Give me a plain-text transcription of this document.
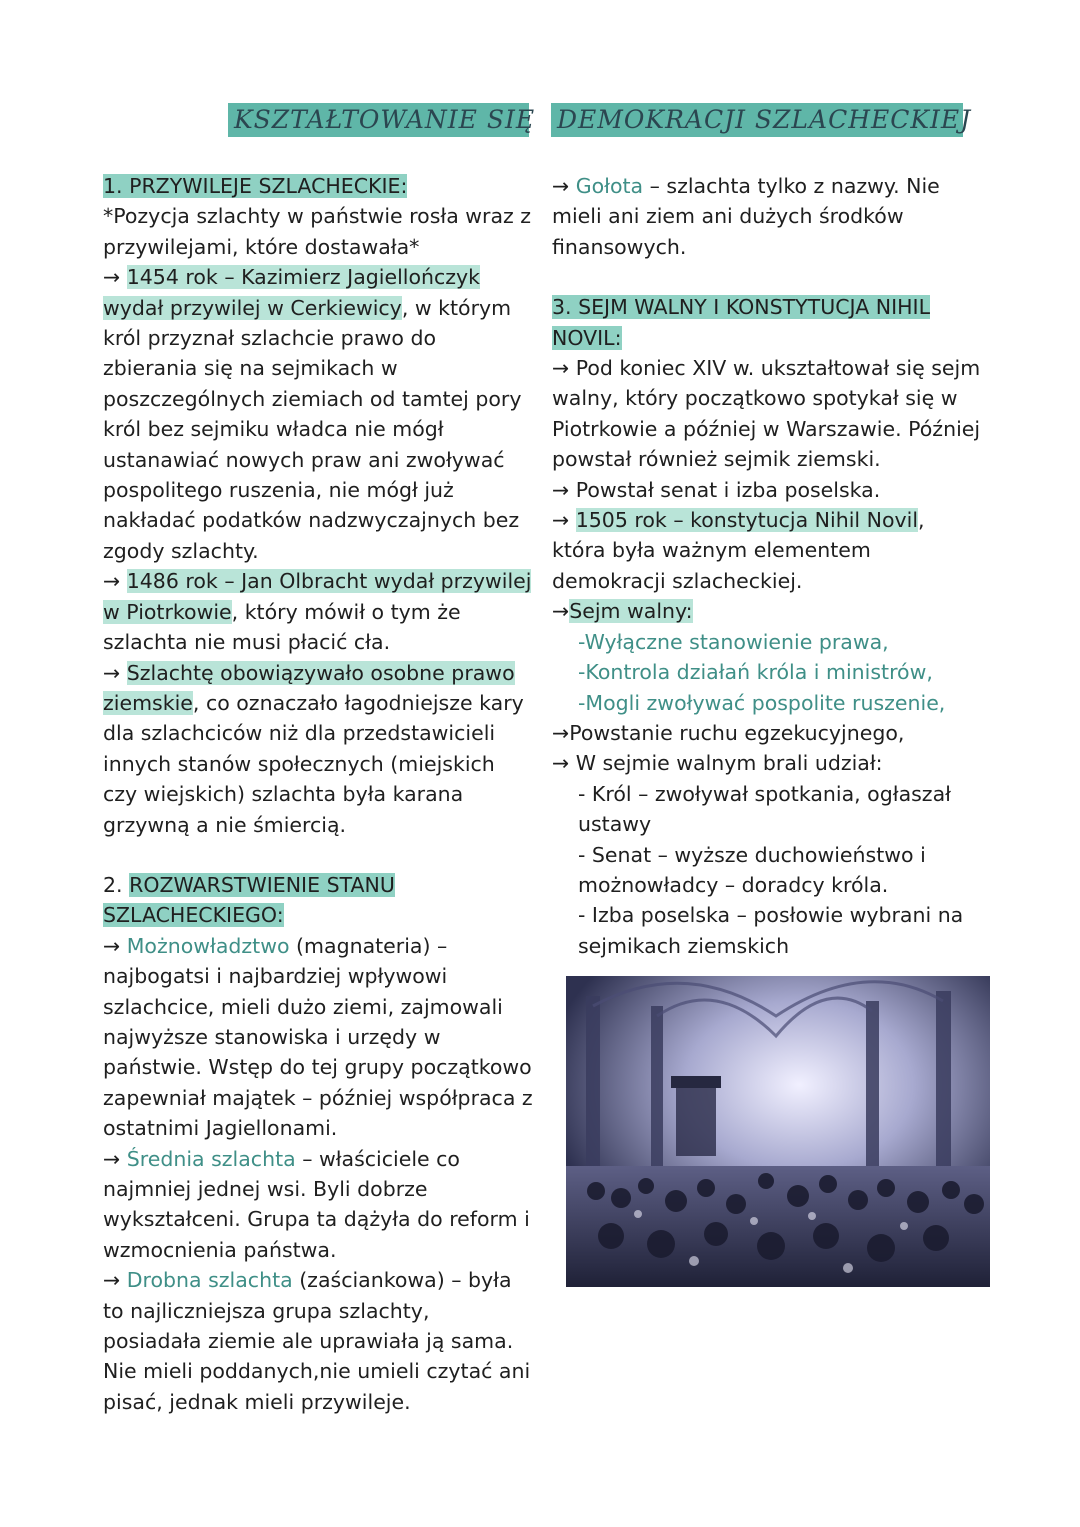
KSZTAŁTOWANIE SIĘ DEMOKRACJI SZLACHECKIEJ

1. PRZYWILEJE SZLACHECKIE:

*Pozycja szlachty w państwie rosła wraz z przywilejami, które dostawała*

→ 1454 rok – Kazimierz Jagiellończyk wydał przywilej w Cerkiewicy, w którym król przyznał szlachcie prawo do zbierania się na sejmikach w poszczególnych ziemiach od tamtej pory król bez sejmiku władca nie mógł ustanawiać nowych praw ani zwoływać pospolitego ruszenia, nie mógł już nakładać podatków nadzwyczajnych bez zgody szlachty.

→ 1486 rok – Jan Olbracht wydał przywilej w Piotrkowie, który mówił o tym że szlachta nie musi płacić cła.

→ Szlachtę obowiązywało osobne prawo ziemskie, co oznaczało łagodniejsze kary dla szlachciców niż dla przedstawicieli innych stanów społecznych (miejskich czy wiejskich) szlachta była karana grzywną a nie śmiercią.

2. ROZWARSTWIENIE STANU SZLACHECKIEGO:

→ Możnowładztwo (magnateria) – najbogatsi i najbardziej wpływowi szlachcice, mieli dużo ziemi, zajmowali najwyższe stanowiska i urzędy w państwie. Wstęp do tej grupy początkowo zapewniał majątek – później współpraca z ostatnimi Jagiellonami.

→ Średnia szlachta – właściciele co najmniej jednej wsi. Byli dobrze wykształceni. Grupa ta dążyła do reform i wzmocnienia państwa.

→ Drobna szlachta (zaściankowa) – była to najliczniejsza grupa szlachty, posiadała ziemie ale uprawiała ją sama. Nie mieli poddanych,nie umieli czytać ani pisać, jednak mieli przywileje.

→ Gołota – szlachta tylko z nazwy. Nie mieli ani ziem ani dużych środków finansowych.

3. SEJM WALNY I KONSTYTUCJA NIHIL NOVIL:

→ Pod koniec XIV w. ukształtował się sejm walny, który początkowo spotykał się w Piotrkowie a później w Warszawie. Później powstał również sejmik ziemski.

→ Powstał senat i izba poselska.

→ 1505 rok – konstytucja Nihil Novil, która była ważnym elementem demokracji szlacheckiej.

→Sejm walny:

-Wyłączne stanowienie prawa,

-Kontrola działań króla i ministrów,

-Mogli zwoływać pospolite ruszenie,

→Powstanie ruchu egzekucyjnego,

→ W sejmie walnym brali udział:

- Król – zwoływał spotkania, ogłaszał ustawy

- Senat – wyższe duchowieństwo i możnowładcy – doradcy króla.

- Izba poselska – posłowie wybrani na sejmikach ziemskich
